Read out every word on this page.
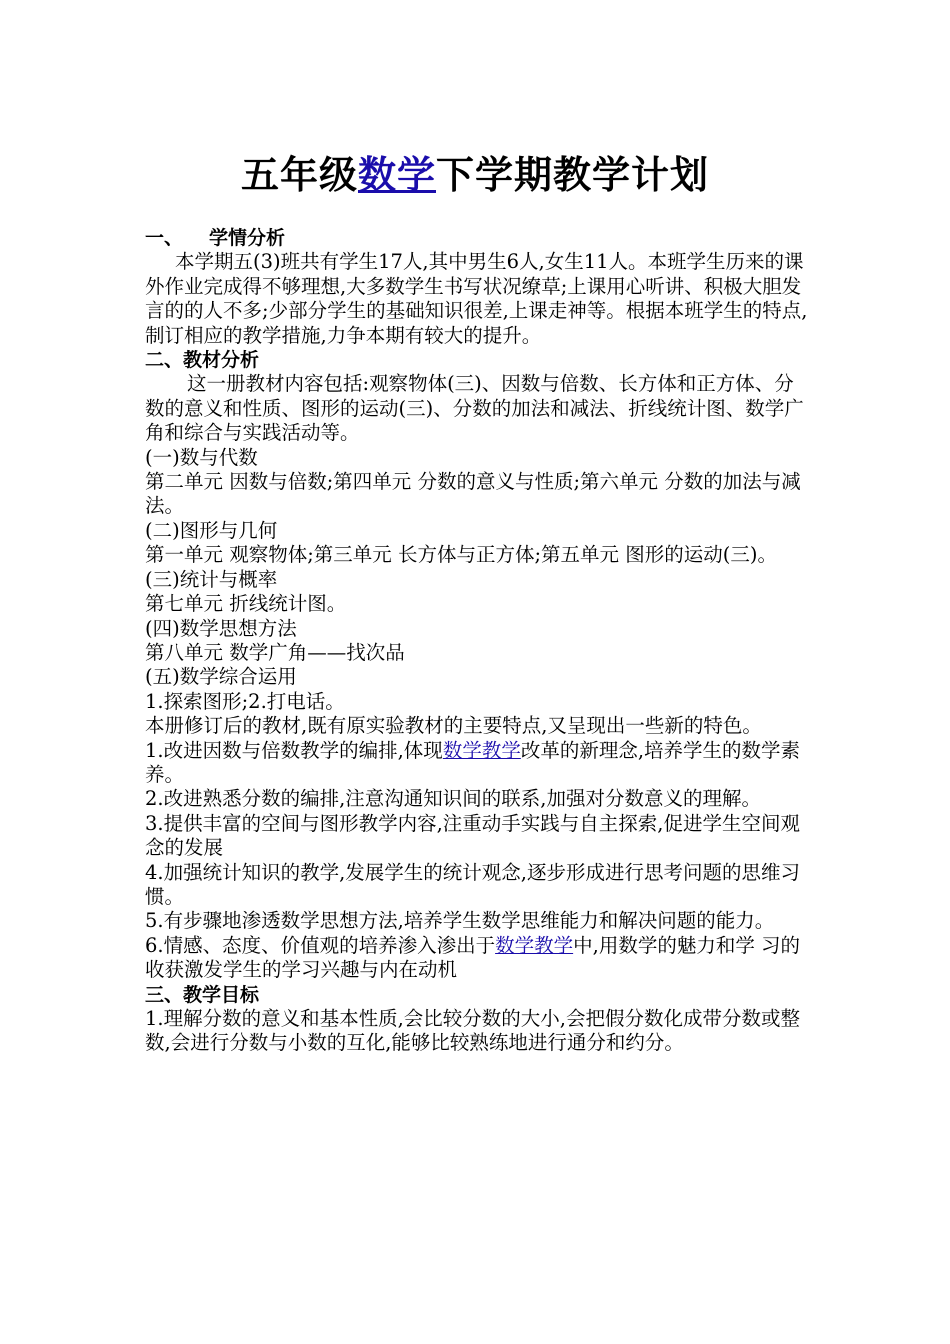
五年级数学下学期教学计划

一、 学情分析

本学期五(3)班共有学生17人,其中男生6人,女生11人。本班学生历来的课外作业完成得不够理想,大多数学生书写状况缭草;上课用心听讲、积极大胆发言的的人不多;少部分学生的基础知识很差,上课走神等。根据本班学生的特点,制订相应的教学措施,力争本期有较大的提升。

二、教材分析

这一册教材内容包括:观察物体(三)、因数与倍数、长方体和正方体、分数的意义和性质、图形的运动(三)、分数的加法和减法、折线统计图、数学广角和综合与实践活动等。

(一)数与代数

第二单元 因数与倍数;第四单元 分数的意义与性质;第六单元 分数的加法与减法。

(二)图形与几何

第一单元 观察物体;第三单元 长方体与正方体;第五单元 图形的运动(三)。

(三)统计与概率

第七单元 折线统计图。

(四)数学思想方法

第八单元 数学广角——找次品

(五)数学综合运用

1.探索图形;2.打电话。

本册修订后的教材,既有原实验教材的主要特点,又呈现出一些新的特色。

1.改进因数与倍数教学的编排,体现数学教学改革的新理念,培养学生的数学素养。

2.改进熟悉分数的编排,注意沟通知识间的联系,加强对分数意义的理解。

3.提供丰富的空间与图形教学内容,注重动手实践与自主探索,促进学生空间观念的发展

4.加强统计知识的教学,发展学生的统计观念,逐步形成进行思考问题的思维习惯。

5.有步骤地渗透数学思想方法,培养学生数学思维能力和解决问题的能力。

6.情感、态度、价值观的培养渗入渗出于数学教学中,用数学的魅力和学 习的收获激发学生的学习兴趣与内在动机

三、教学目标

1.理解分数的意义和基本性质,会比较分数的大小,会把假分数化成带分数或整数,会进行分数与小数的互化,能够比较熟练地进行通分和约分。
